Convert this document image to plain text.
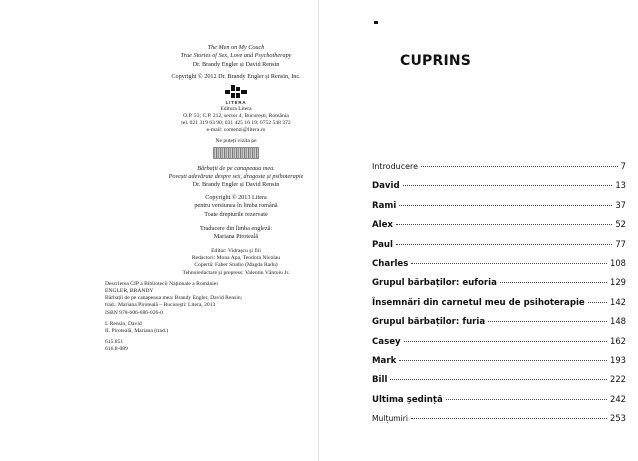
The Men on My Couch
True Stories of Sex, Love and Psychotherapy
Dr. Brandy Engler și David Rensin
Copyright © 2012 Dr. Brandy Engler și Rensin, Inc.
LITERA
Editura Litera
O.P. 53; C.P. 212, sector 4, București, România
tel. 021 319 63 90; 031 425 16 19; 0752 548 372
e-mail: comenzi@litera.ro
Ne puteți vizita pe
Bărbații de pe canapeaua mea.
Povești adevărate despre sex, dragoste și psihoterapie
Dr. Brandy Engler și David Rensin
Copyright © 2013 Litera
pentru versiunea în limba română
Toate drepturile rezervate
Traducere din limba engleză:
Mariana Piroteală
Editor: Vidrașcu și fiii
Redactori: Mona Apa, Teodora Nicolau
Copertă: Faber Studio (Magda Radu)
Tehnoredactare și prepress: Valentin Vântoiu Jr.
Descrierea CIP a Bibliotecii Naționale a României
ENGLER, BRANDY
Bărbații de pe canapeaua mea/ Brandy Engler, David Rensin;
trad.: Mariana Piroteală – București: Litera, 2013
ISBN 978-606-686-026-0
I. Rensin, David
II. Piroteală, Mariana (trad.)
615.851
616.8-089
CUPRINS
Introducere	7
David	13
Rami	37
Alex	52
Paul	77
Charles	108
Grupul bărbaților: euforia	129
Însemnări din carnetul meu de psihoterapie	142
Grupul bărbaților: furia	148
Casey	162
Mark	193
Bill	222
Ultima ședință	242
Mulțumiri	253
